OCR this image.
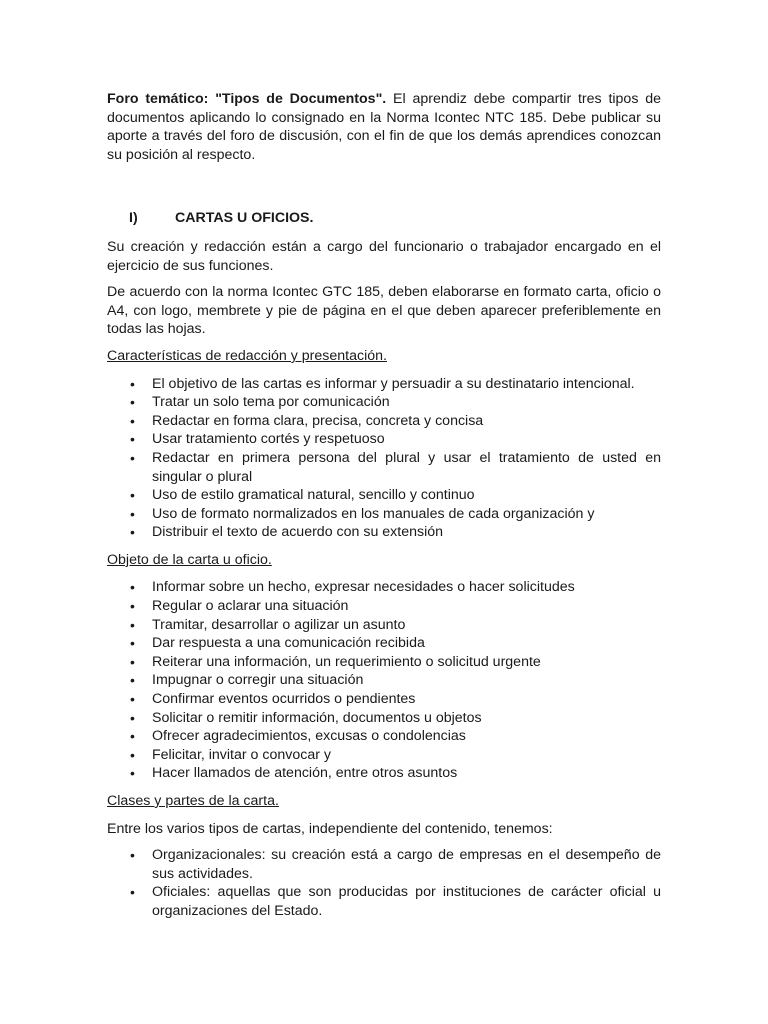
Foro temático: "Tipos de Documentos". El aprendiz debe compartir tres tipos de documentos aplicando lo consignado en la Norma Icontec NTC 185. Debe publicar su aporte a través del foro de discusión, con el fin de que los demás aprendices conozcan su posición al respecto.

I)	CARTAS U OFICIOS.

Su creación y redacción están a cargo del funcionario o trabajador encargado en el ejercicio de sus funciones.

De acuerdo con la norma Icontec GTC 185, deben elaborarse en formato carta, oficio o A4, con logo, membrete y pie de página en el que deben aparecer preferiblemente en todas las hojas.

Características de redacción y presentación.

• El objetivo de las cartas es informar y persuadir a su destinatario intencional.
• Tratar un solo tema por comunicación
• Redactar en forma clara, precisa, concreta y concisa
• Usar tratamiento cortés y respetuoso
• Redactar en primera persona del plural y usar el tratamiento de usted en singular o plural
• Uso de estilo gramatical natural, sencillo y continuo
• Uso de formato normalizados en los manuales de cada organización y
• Distribuir el texto de acuerdo con su extensión

Objeto de la carta u oficio.

• Informar sobre un hecho, expresar necesidades o hacer solicitudes
• Regular o aclarar una situación
• Tramitar, desarrollar o agilizar un asunto
• Dar respuesta a una comunicación recibida
• Reiterar una información, un requerimiento o solicitud urgente
• Impugnar o corregir una situación
• Confirmar eventos ocurridos o pendientes
• Solicitar o remitir información, documentos u objetos
• Ofrecer agradecimientos, excusas o condolencias
• Felicitar, invitar o convocar y
• Hacer llamados de atención, entre otros asuntos

Clases y partes de la carta.

Entre los varios tipos de cartas, independiente del contenido, tenemos:

• Organizacionales: su creación está a cargo de empresas en el desempeño de sus actividades.
• Oficiales: aquellas que son producidas por instituciones de carácter oficial u organizaciones del Estado.
